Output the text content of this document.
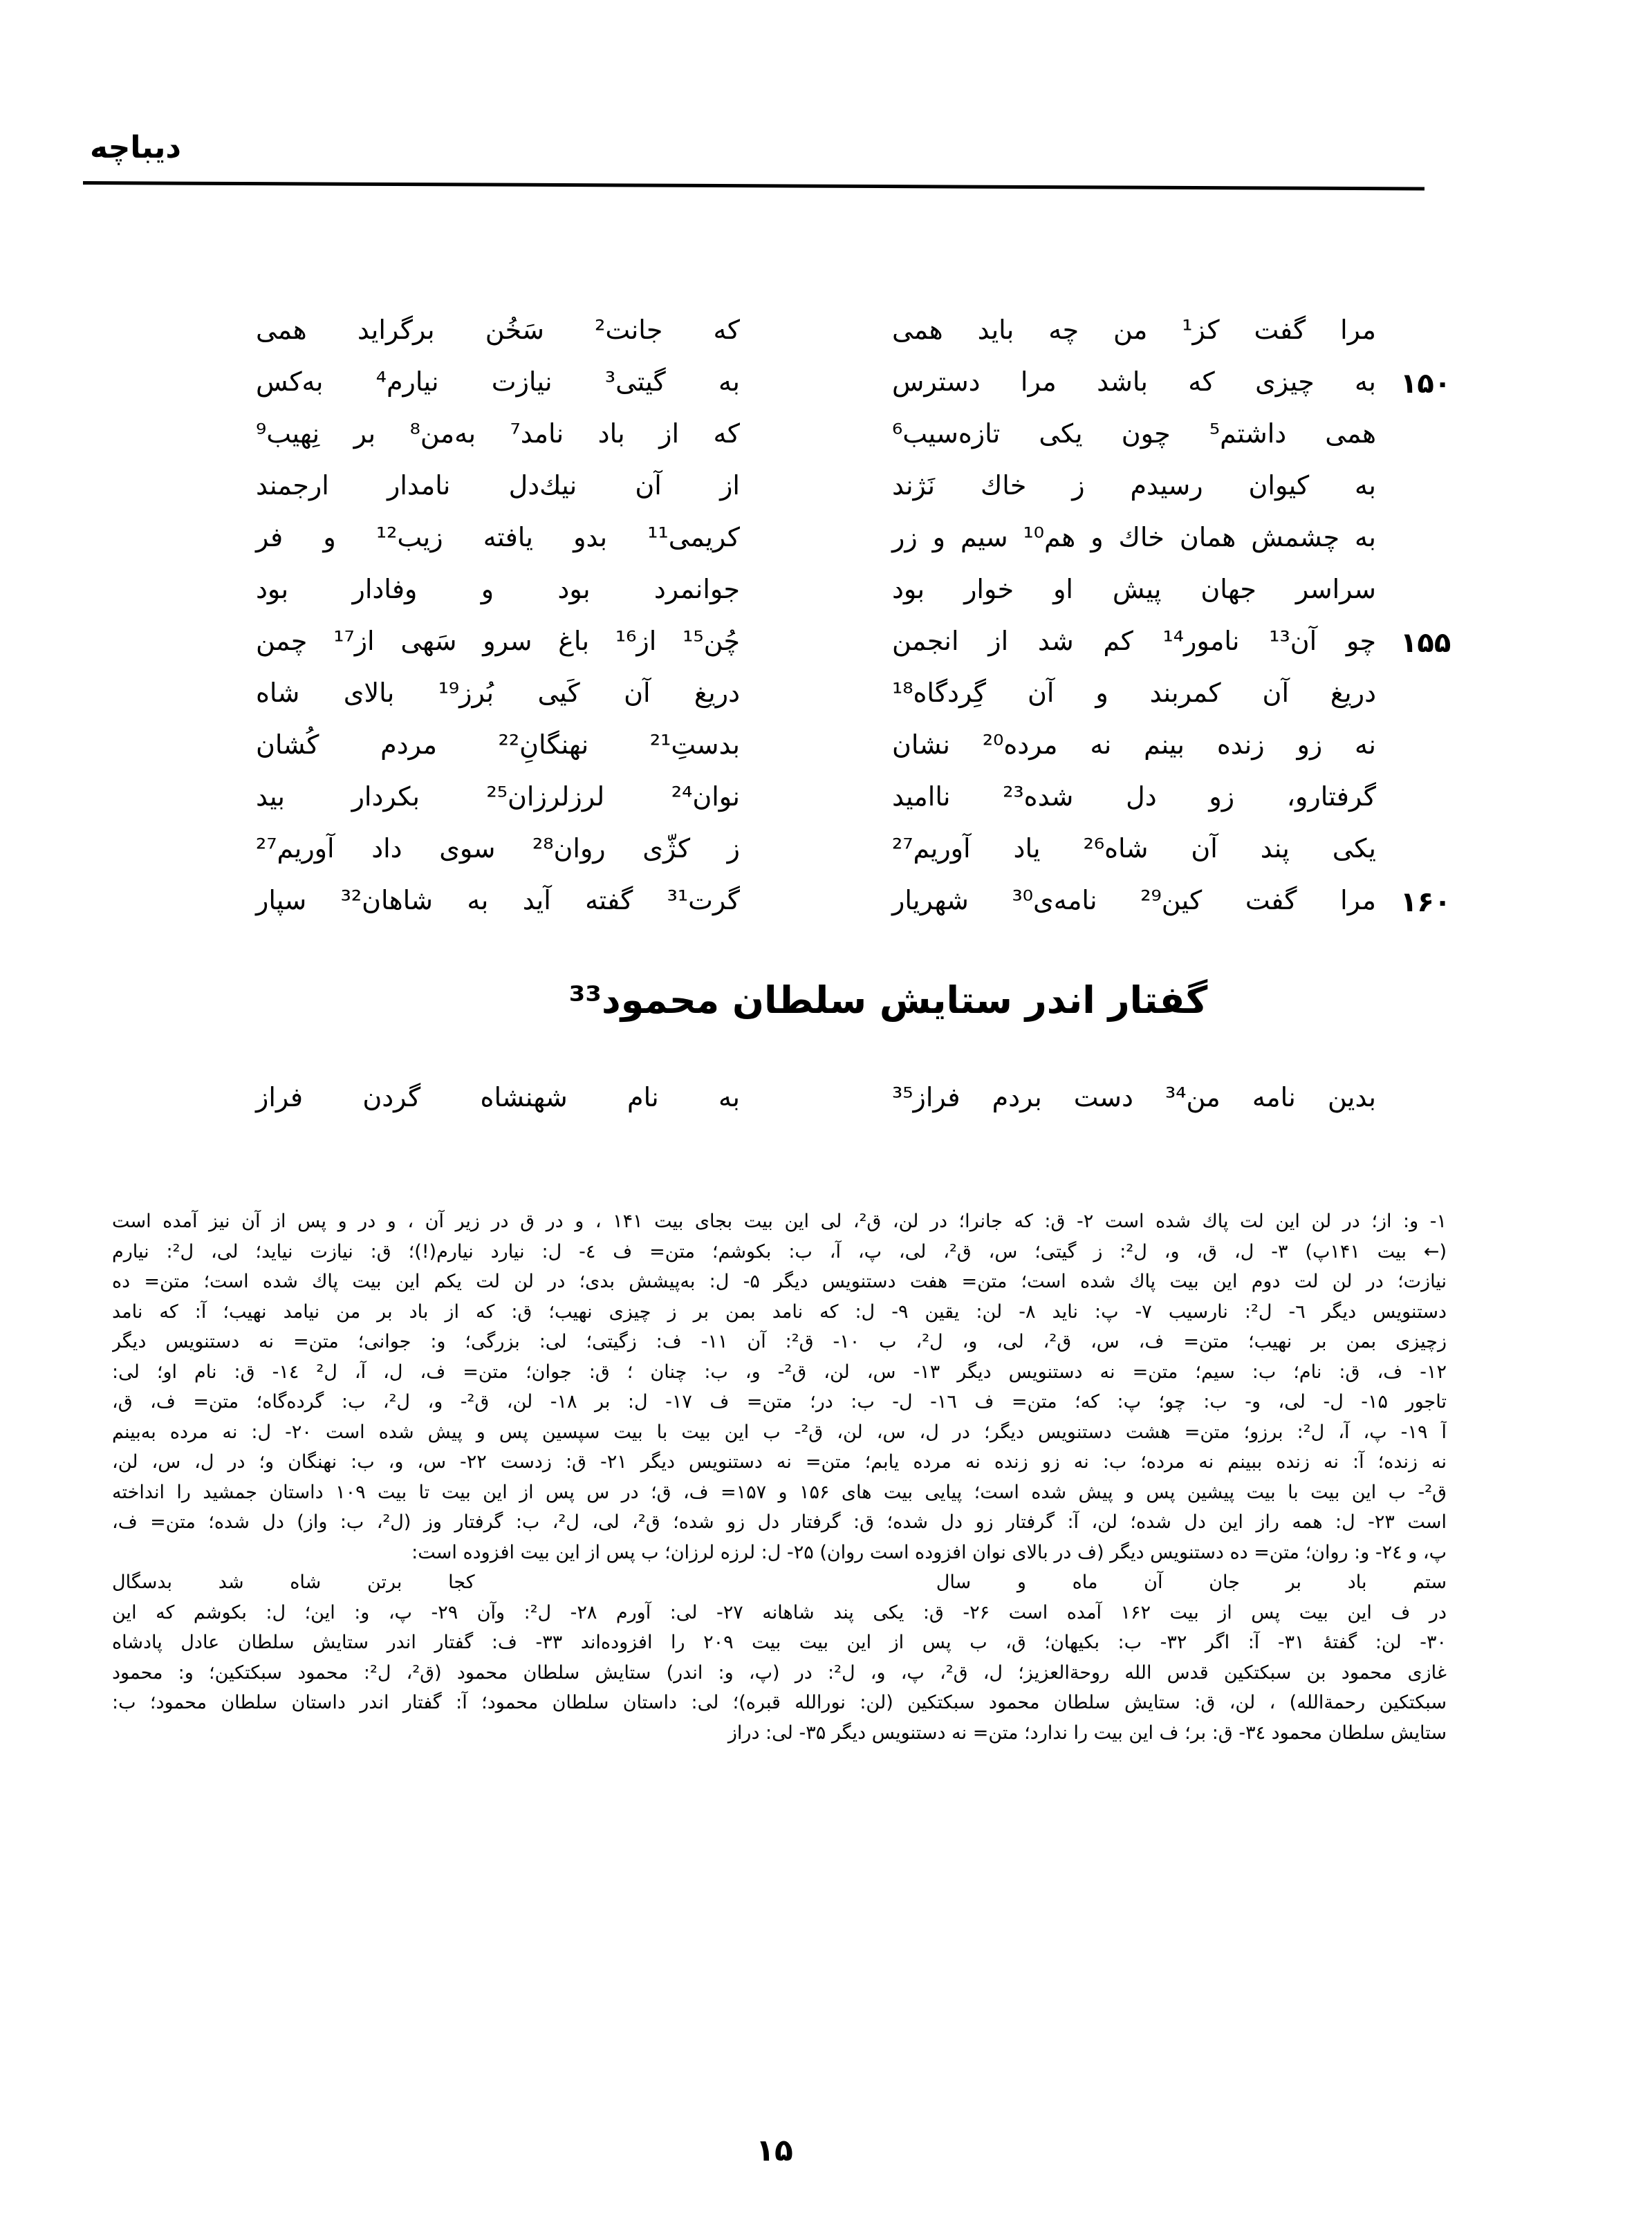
دیباچه
مرا گفت کز¹ من چه باید همی
که جانت² سَخُن برگراید همی
۱۵۰
به چیزی که باشد مرا دسترس
به گیتی³ نیازت نیارم⁴ به‌کس
همی داشتم⁵ چون یکی تازه‌سیب⁶
که از باد نامد⁷ به‌من⁸ بر نِهیب⁹
به کیوان رسیدم ز خاك نَژند
از آن نیك‌دل نامدار ارجمند
به چشمش همان خاك و هم¹⁰ سیم و زر
کریمی¹¹ بدو یافته زیب¹² و فر
سراسر جهان پیش او خوار بود
جوانمرد بود و وفادار بود
۱۵۵
چو آن¹³ نامور¹⁴ کم شد از انجمن
چُن¹⁵ از¹⁶ باغ سرو سَهی از¹⁷ چمن
دریغ آن کمربند و آن گِردگاه¹⁸
دریغ آن کَیی بُرز¹⁹ بالای شاه
نه زو زنده بینم نه مرده²⁰ نشان
بدستِ²¹ نهنگانِ²² مردم کُشان
گرفتارو، زو دل شده²³ ناامید
نوان²⁴ لرزلرزان²⁵ بکردار بید
یکی پند آن شاه²⁶ یاد آوریم²⁷
ز کژّی روان²⁸ سوی داد آوریم²⁷
۱۶۰
مرا گفت کین²⁹ نامه‌ی³⁰ شهریار
گرت³¹ گفته آید به شاهان³² سپار
گفتار اندر ستایش سلطان محمود³³
بدین نامه من³⁴ دست بردم فراز³⁵
به نام شهنشاه گردن فراز
۱- و: از؛ در لن این لت پاك شده است ۲- ق: که جانرا؛ در لن، ق²، لی این بیت بجای بیت ۱۴۱ ، و در ق در زیر آن ، و در و پس از آن نیز آمده است
(← بیت ۱۴۱پ) ۳- ل، ق، و، ل²: ز گیتی؛ س، ق²، لی، پ، آ، ب: بکوشم؛ متن= ف ٤- ل: نیارد نیارم(!)؛ ق: نیازت نیاید؛ لی، ل²: نیارم
نیازت؛ در لن لت دوم این بیت پاك شده است؛ متن= هفت دستنویس دیگر ۵- ل: به‌پیشش بدی؛ در لن لت یکم این بیت پاك شده است؛ متن= ده
دستنویس دیگر ٦- ل²: نارسیب ۷- پ: ناید ۸- لن: یقین ۹- ل: که نامد بمن بر ز چیزی نهیب؛ ق: که از باد بر من نیامد نهیب؛ آ: که نامد
زچیزی بمن بر نهیب؛ متن= ف، س، ق²، لی، و، ل²، ب ۱۰- ق²: آن ۱۱- ف: زگیتی؛ لی: بزرگی؛ و: جوانی؛ متن= نه دستنویس دیگر
۱۲- ف، ق: نام؛ ب: سیم؛ متن= نه دستنویس دیگر ۱۳- س، لن، ق²- و، ب: چنان ؛ ق: جوان؛ متن= ف، ل، آ، ل² ١٤- ق: نام او؛ لی:
تاجور ۱۵- ل- لی، و- ب: چو؛ پ: که؛ متن= ف ١٦- ل- ب: در؛ متن= ف ۱۷- ل: بر ۱۸- لن، ق²- و، ل²، ب: گرده‌گاه؛ متن= ف، ق،
آ ۱۹- پ، آ، ل²: برزو؛ متن= هشت دستنویس دیگر؛ در ل، س، لن، ق²- ب این بیت با بیت سپسین پس و پیش شده است ۲۰- ل: نه مرده به‌بینم
نه زنده؛ آ: نه زنده ببینم نه مرده؛ ب: نه زو زنده نه مرده یابم؛ متن= نه دستنویس دیگر ۲۱- ق: زدست ۲۲- س، و، ب: نهنگان و؛ در ل، س، لن،
ق²- ب این بیت با بیت پیشین پس و پیش شده است؛ پیایی بیت های ۱۵۶ و ۱۵۷= ف، ق؛ در س پس از این بیت تا بیت ۱۰۹ داستان جمشید را انداخته
است ۲۳- ل: همه راز این دل شده؛ لن، آ: گرفتار زو دل شده؛ ق: گرفتار دل زو شده؛ ق²، لی، ل²، ب: گرفتار وز (ل²، ب: واز) دل شده؛ متن= ف،
پ، و ٢٤- و: روان؛ متن= ده دستنویس دیگر (ف در بالای نوان افزوده است روان) ۲۵- ل: لرزه لرزان؛ ب پس از این بیت افزوده است:
ستم باد بر جان آن ماه و سال          کجا برتن شاه شد بدسگال
در ف این بیت پس از بیت ۱۶۲ آمده است ۲۶- ق: یکی پند شاهانه ۲۷- لی: آورم ۲۸- ل²: وآن ۲۹- پ، و: این؛ ل: بکوشم که این
۳۰- لن: گفتهٔ ۳۱- آ: اگر ۳۲- ب: بکیهان؛ ق، ب پس از این بیت بیت ۲۰۹ را افزوده‌اند ۳۳- ف: گفتار اندر ستایش سلطان عادل پادشاه
غازی محمود بن سبکتکین قدس الله روحة‌العزیز؛ ل، ق²، پ، و، ل²: در (پ، و: اندر) ستایش سلطان محمود (ق²، ل²: محمود سبکتکین؛ و: محمود
سبکتکین رحمة‌الله) ، لن، ق: ستایش سلطان محمود سبکتکین (لن: نورالله قبره)؛ لی: داستان سلطان محمود؛ آ: گفتار اندر داستان سلطان محمود؛ ب:
ستایش سلطان محمود ٣٤- ق: بر؛ ف این بیت را ندارد؛ متن= نه دستنویس دیگر ۳۵- لی: دراز
۱۵
